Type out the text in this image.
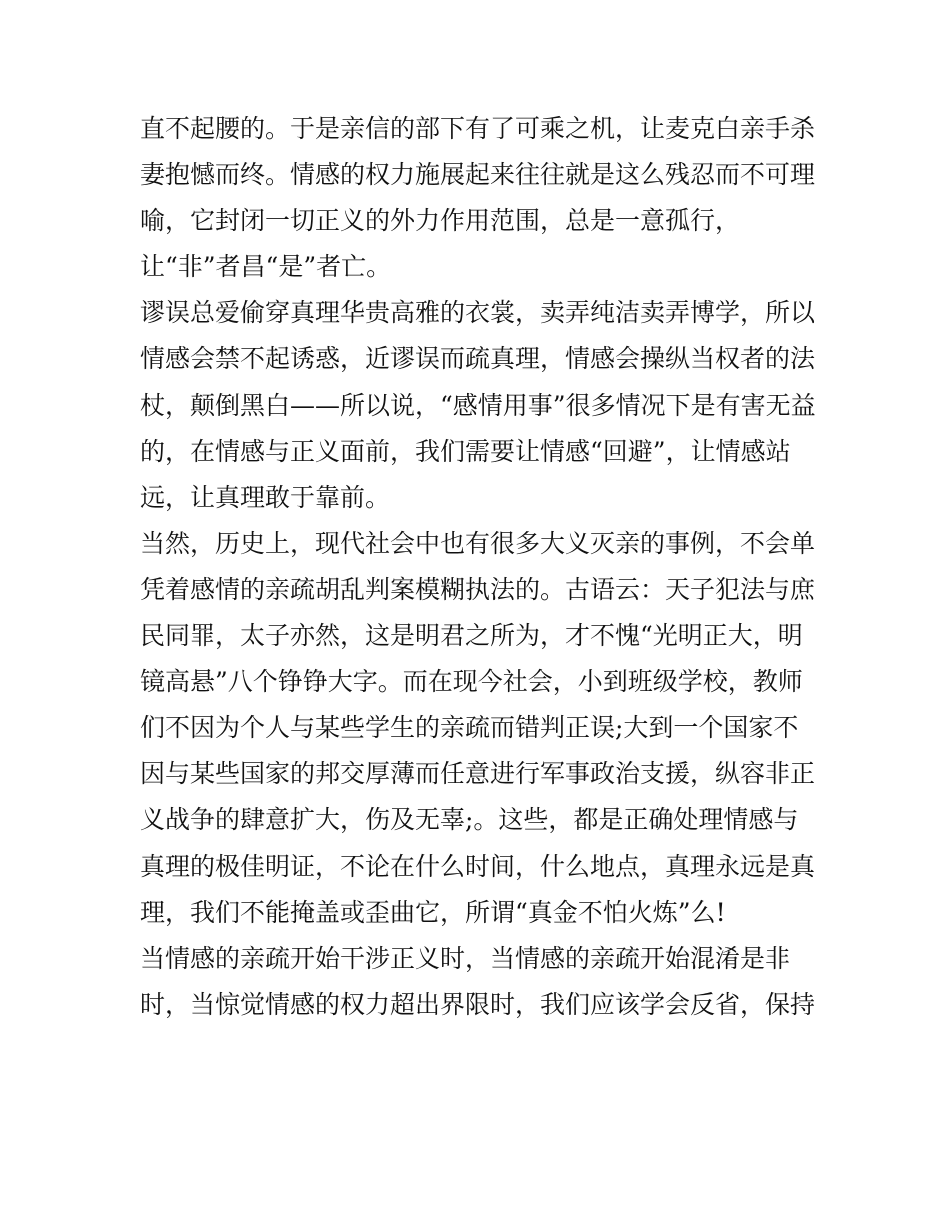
直不起腰的。于是亲信的部下有了可乘之机，让麦克白亲手杀
妻抱憾而终。情感的权力施展起来往往就是这么残忍而不可理
喻，它封闭一切正义的外力作用范围，总是一意孤行，
让“非”者昌“是”者亡。
谬误总爱偷穿真理华贵高雅的衣裳，卖弄纯洁卖弄博学，所以
情感会禁不起诱惑，近谬误而疏真理，情感会操纵当权者的法
杖，颠倒黑白——所以说，“感情用事”很多情况下是有害无益
的，在情感与正义面前，我们需要让情感“回避”，让情感站
远，让真理敢于靠前。
当然，历史上，现代社会中也有很多大义灭亲的事例，不会单
凭着感情的亲疏胡乱判案模糊执法的。古语云：天子犯法与庶
民同罪，太子亦然，这是明君之所为，才不愧“光明正大，明
镜高悬”八个铮铮大字。而在现今社会，小到班级学校，教师
们不因为个人与某些学生的亲疏而错判正误;大到一个国家不
因与某些国家的邦交厚薄而任意进行军事政治支援，纵容非正
义战争的肆意扩大，伤及无辜;。这些，都是正确处理情感与
真理的极佳明证，不论在什么时间，什么地点，真理永远是真
理，我们不能掩盖或歪曲它，所谓“真金不怕火炼”么!
当情感的亲疏开始干涉正义时，当情感的亲疏开始混淆是非
时，当惊觉情感的权力超出界限时，我们应该学会反省，保持
